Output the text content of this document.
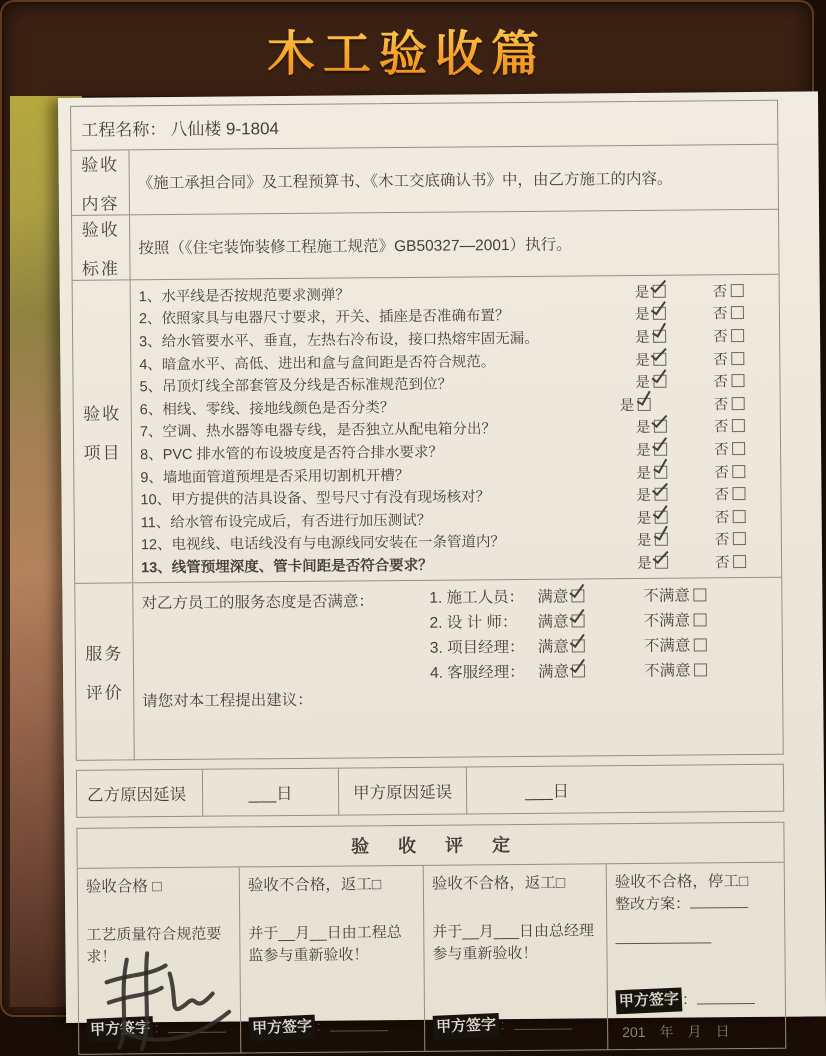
木工验收篇
工程名称： 八仙楼 9-1804
验收
内容
《施工承担合同》及工程预算书、《木工交底确认书》中，由乙方施工的内容。
验收
标准
按照（《住宅装饰装修工程施工规范》GB50327—2001）执行。
验收
项目
1、水平线是否按规范要求测弹？	是	否
2、依照家具与电器尺寸要求，开关、插座是否准确布置？	是	否
3、给水管要水平、垂直，左热右冷布设，接口热熔牢固无漏。	是	否
4、暗盒水平、高低、进出和盒与盒间距是否符合规范。	是	否
5、吊顶灯线全部套管及分线是否标准规范到位？	是	否
6、相线、零线、接地线颜色是否分类？	是	否
7、空调、热水器等电器专线，是否独立从配电箱分出？	是	否
8、PVC 排水管的布设坡度是否符合排水要求？	是	否
9、墙地面管道预埋是否采用切割机开槽？	是	否
10、甲方提供的洁具设备、型号尺寸有没有现场核对？	是	否
11、给水管布设完成后，有否进行加压测试？	是	否
12、电视线、电话线没有与电源线同安装在一条管道内？	是	否
13、线管预埋深度、管卡间距是否符合要求？	是	否
服务
评价
对乙方员工的服务态度是否满意：	1. 施工人员： 满意	不满意
2. 设 计 师：	满意	不满意
3. 项目经理： 满意	不满意
4. 客服经理： 满意	不满意
请您对本工程提出建议：
乙方原因延误	___日	甲方原因延误	___日
验 收 评 定
验收合格 □
工艺质量符合规范要求！
甲方签字 ：
验收不合格，返工□
并于__月__日由工程总监参与重新验收！
甲方签字 ：
验收不合格，返工□
并于__月___日由总经理参与重新验收！
甲方签字 ：
验收不合格，停工□
整改方案：
甲方签字 ：
201　年　月　日
